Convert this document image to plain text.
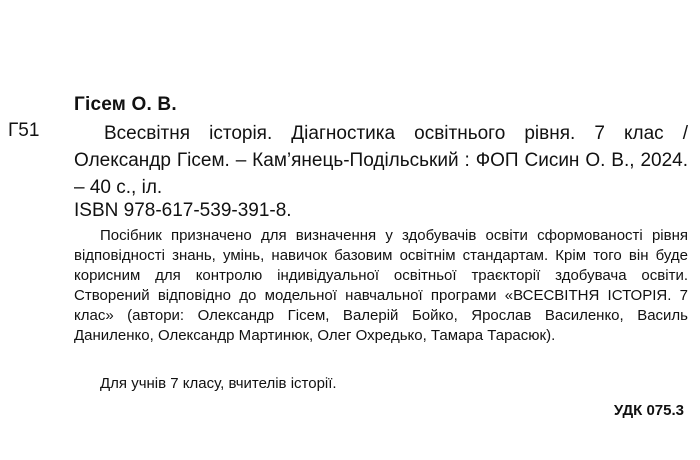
Гісем О. В.
Г51	Всесвітня історія. Діагностика освітнього рівня. 7 клас / Олександр Гісем. – Кам’янець-Подільський : ФОП Сисин О. В., 2024. – 40 с., іл.

ISBN 978-617-539-391-8.

Посібник призначено для визначення у здобувачів освіти сформованості рівня відповідності знань, умінь, навичок базовим освітнім стандартам. Крім того він буде корисним для контролю індивідуальної освітньої траєкторії здобувача освіти. Створений відповідно до модельної навчальної програми «ВСЕСВІТНЯ ІСТОРІЯ. 7 клас» (автори: Олександр Гісем, Валерій Бойко, Ярослав Василенко, Василь Даниленко, Олександр Мартинюк, Олег Охредько, Тамара Тарасюк).

Для учнів 7 класу, вчителів історії.

УДК 075.3
